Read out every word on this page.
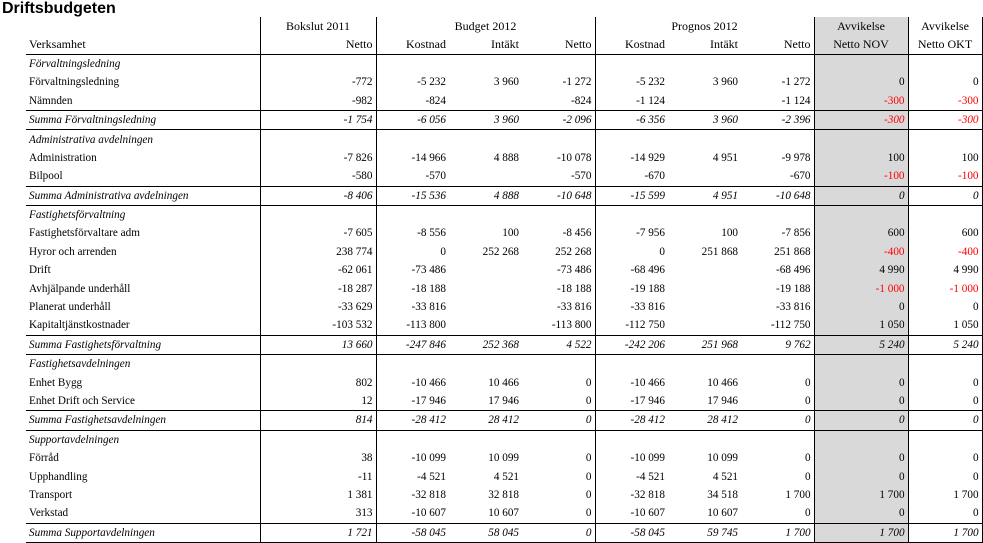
Driftsbudgeten
	Bokslut 2011	Budget 2012			Prognos 2012			Avvikelse	Avvikelse
Verksamhet	Netto	Kostnad	Intäkt	Netto	Kostnad	Intäkt	Netto	Netto NOV	Netto OKT
Förvaltningsledning									
Förvaltningsledning	-772	-5 232	3 960	-1 272	-5 232	3 960	-1 272	0	0
Nämnden	-982	-824		-824	-1 124		-1 124	-300	-300
Summa Förvaltningsledning	-1 754	-6 056	3 960	-2 096	-6 356	3 960	-2 396	-300	-300
Administrativa avdelningen									
Administration	-7 826	-14 966	4 888	-10 078	-14 929	4 951	-9 978	100	100
Bilpool	-580	-570		-570	-670		-670	-100	-100
Summa Administrativa avdelningen	-8 406	-15 536	4 888	-10 648	-15 599	4 951	-10 648	0	0
Fastighetsförvaltning									
Fastighetsförvaltare adm	-7 605	-8 556	100	-8 456	-7 956	100	-7 856	600	600
Hyror och arrenden	238 774	0	252 268	252 268	0	251 868	251 868	-400	-400
Drift	-62 061	-73 486		-73 486	-68 496		-68 496	4 990	4 990
Avhjälpande underhåll	-18 287	-18 188		-18 188	-19 188		-19 188	-1 000	-1 000
Planerat underhåll	-33 629	-33 816		-33 816	-33 816		-33 816	0	0
Kapitaltjänstkostnader	-103 532	-113 800		-113 800	-112 750		-112 750	1 050	1 050
Summa Fastighetsförvaltning	13 660	-247 846	252 368	4 522	-242 206	251 968	9 762	5 240	5 240
Fastighetsavdelningen									
Enhet Bygg	802	-10 466	10 466	0	-10 466	10 466	0	0	0
Enhet Drift och Service	12	-17 946	17 946	0	-17 946	17 946	0	0	0
Summa Fastighetsavdelningen	814	-28 412	28 412	0	-28 412	28 412	0	0	0
Supportavdelningen									
Förråd	38	-10 099	10 099	0	-10 099	10 099	0	0	0
Upphandling	-11	-4 521	4 521	0	-4 521	4 521	0	0	0
Transport	1 381	-32 818	32 818	0	-32 818	34 518	1 700	1 700	1 700
Verkstad	313	-10 607	10 607	0	-10 607	10 607	0	0	0
Summa Supportavdelningen	1 721	-58 045	58 045	0	-58 045	59 745	1 700	1 700	1 700
